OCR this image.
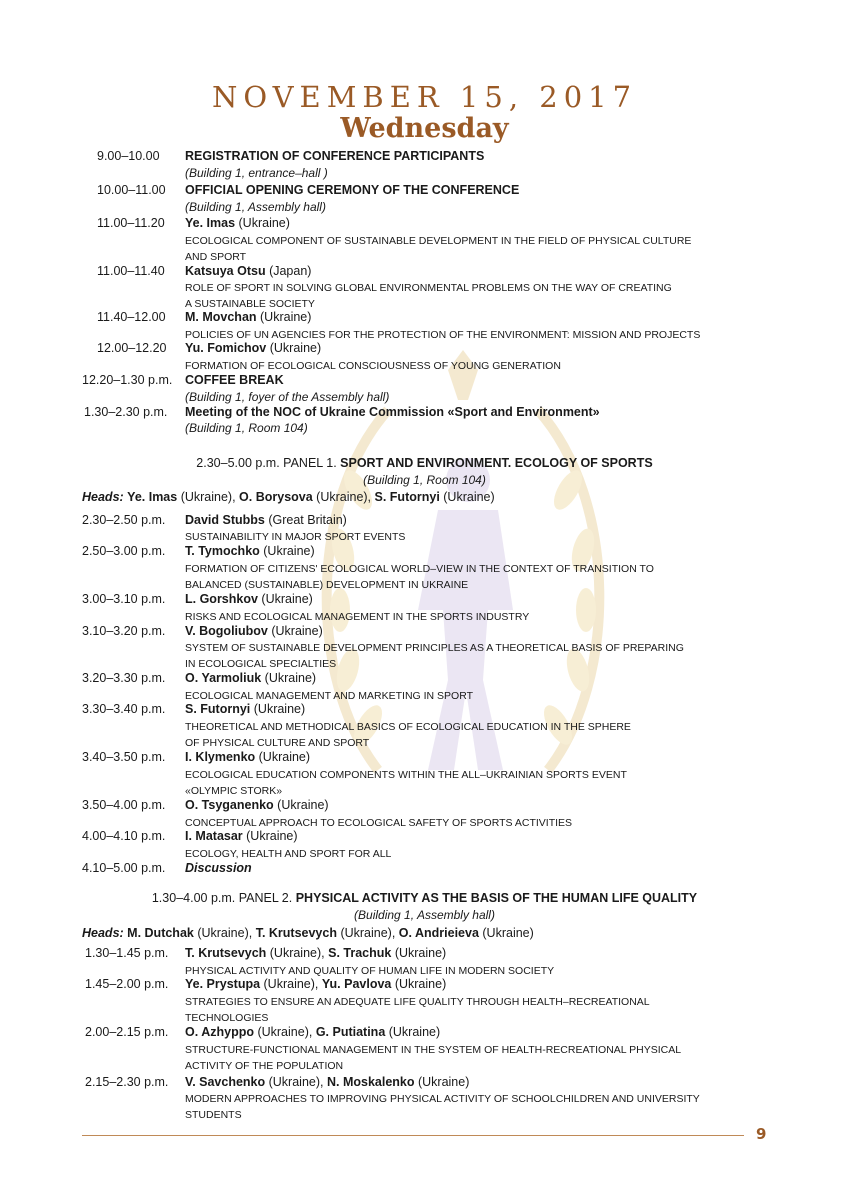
NOVEMBER 15, 2017
Wednesday
9.00–10.00 REGISTRATION OF CONFERENCE PARTICIPANTS
(Building 1, entrance–hall )
10.00–11.00 OFFICIAL OPENING CEREMONY OF THE CONFERENCE
(Building 1, Assembly hall)
11.00–11.20 Ye. Imas (Ukraine)
ECOLOGICAL COMPONENT OF SUSTAINABLE DEVELOPMENT IN THE FIELD OF PHYSICAL CULTURE
AND SPORT
11.00–11.40 Katsuya Otsu (Japan)
ROLE OF SPORT IN SOLVING GLOBAL ENVIRONMENTAL PROBLEMS ON THE WAY OF CREATING
A SUSTAINABLE SOCIETY
11.40–12.00 M. Movchan (Ukraine)
POLICIES OF UN AGENCIES FOR THE PROTECTION OF THE ENVIRONMENT: MISSION AND PROJECTS
12.00–12.20 Yu. Fomichov (Ukraine)
FORMATION OF ECOLOGICAL CONSCIOUSNESS OF YOUNG GENERATION
12.20–1.30 p.m. COFFEE BREAK
(Building 1, foyer of the Assembly hall)
1.30–2.30 p.m. Meeting of the NOC of Ukraine Commission «Sport and Environment»
(Building 1, Room 104)
2.30–5.00 p.m. PANEL 1. SPORT AND ENVIRONMENT. ECOLOGY OF SPORTS
(Building 1, Room 104)
Heads: Ye. Imas (Ukraine), O. Borysova (Ukraine), S. Futornyi (Ukraine)
2.30–2.50 p.m. David Stubbs (Great Britain)
SUSTAINABILITY IN MAJOR SPORT EVENTS
2.50–3.00 p.m. T. Tymochko (Ukraine)
FORMATION OF CITIZENS' ECOLOGICAL WORLD–VIEW IN THE CONTEXT OF TRANSITION TO
BALANCED (SUSTAINABLE) DEVELOPMENT IN UKRAINE
3.00–3.10 p.m. L. Gorshkov (Ukraine)
RISKS AND ECOLOGICAL MANAGEMENT IN THE SPORTS INDUSTRY
3.10–3.20 p.m. V. Bogoliubov (Ukraine)
SYSTEM OF SUSTAINABLE DEVELOPMENT PRINCIPLES AS A THEORETICAL BASIS OF PREPARING
IN ECOLOGICAL SPECIALTIES
3.20–3.30 p.m. O. Yarmoliuk (Ukraine)
ECOLOGICAL MANAGEMENT AND MARKETING IN SPORT
3.30–3.40 p.m. S. Futornyi (Ukraine)
THEORETICAL AND METHODICAL BASICS OF ECOLOGICAL EDUCATION IN THE SPHERE
OF PHYSICAL CULTURE AND SPORT
3.40–3.50 p.m. I. Klymenko (Ukraine)
ECOLOGICAL EDUCATION COMPONENTS WITHIN THE ALL–UKRAINIAN SPORTS EVENT
«OLYMPIC STORK»
3.50–4.00 p.m. O. Tsyganenko (Ukraine)
CONCEPTUAL APPROACH TO ECOLOGICAL SAFETY OF SPORTS ACTIVITIES
4.00–4.10 p.m. I. Matasar (Ukraine)
ECOLOGY, HEALTH AND SPORT FOR ALL
4.10–5.00 p.m. Discussion
1.30–4.00 p.m. PANEL 2. PHYSICAL ACTIVITY AS THE BASIS OF THE HUMAN LIFE QUALITY
(Building 1, Assembly hall)
Heads: M. Dutchak (Ukraine), T. Krutsevych (Ukraine), O. Andrieieva (Ukraine)
1.30–1.45 p.m. T. Krutsevych (Ukraine), S. Trachuk (Ukraine)
PHYSICAL ACTIVITY AND QUALITY OF HUMAN LIFE IN MODERN SOCIETY
1.45–2.00 p.m. Ye. Prystupa (Ukraine), Yu. Pavlova (Ukraine)
STRATEGIES TO ENSURE AN ADEQUATE LIFE QUALITY THROUGH HEALTH–RECREATIONAL
TECHNOLOGIES
2.00–2.15 p.m. O. Azhyppo (Ukraine), G. Putiatina (Ukraine)
STRUCTURE-FUNCTIONAL MANAGEMENT IN THE SYSTEM OF HEALTH-RECREATIONAL PHYSICAL
ACTIVITY OF THE POPULATION
2.15–2.30 p.m. V. Savchenko (Ukraine), N. Moskalenko (Ukraine)
MODERN APPROACHES TO IMPROVING PHYSICAL ACTIVITY OF SCHOOLCHILDREN AND UNIVERSITY
STUDENTS
9
